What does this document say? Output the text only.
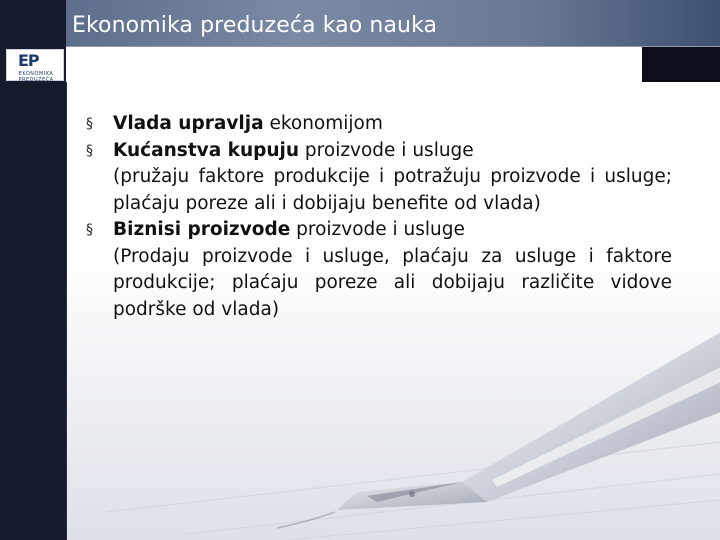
Ekonomika preduzeća kao nauka
EP
EKONOMIKA PREDUZEĆA
§ Vlada upravlja ekonomijom
§ Kućanstva kupuju proizvode i usluge
(pružaju faktore produkcije i potražuju proizvode i usluge; plaćaju poreze ali i dobijaju benefite od vlada)
§ Biznisi proizvode proizvode i usluge
(Prodaju proizvode i usluge, plaćaju za usluge i faktore produkcije; plaćaju poreze ali dobijaju različite vidove podrške od vlada)
